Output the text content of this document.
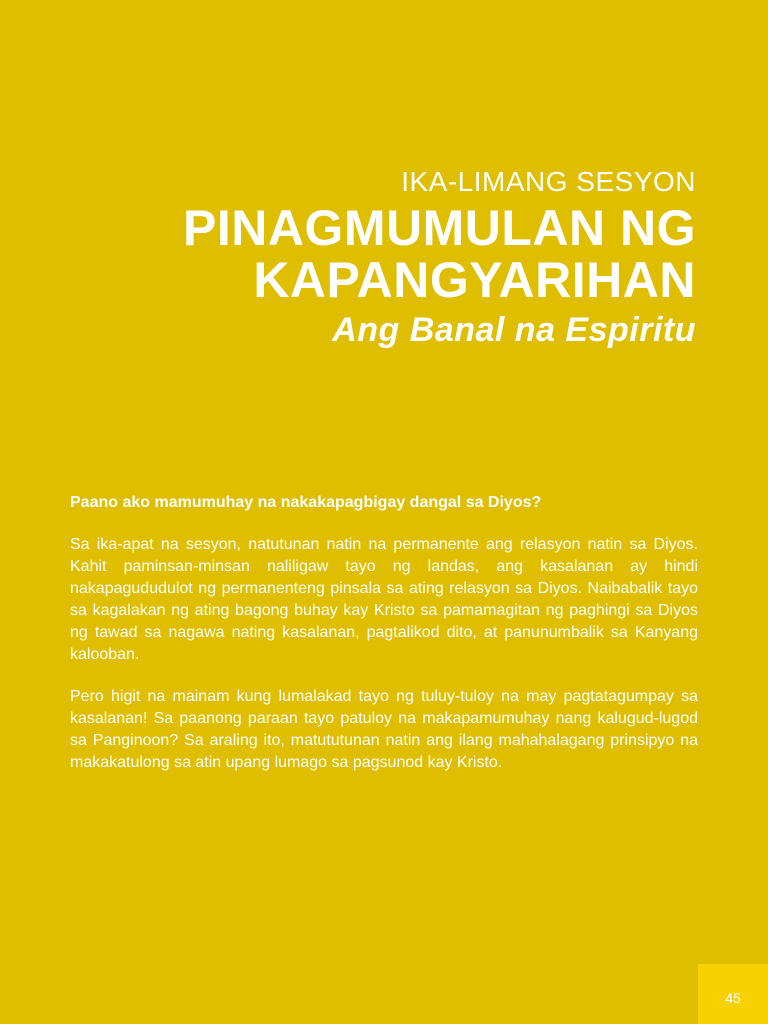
IKA-LIMANG SESYON

PINAGMUMULAN NG
KAPANGYARIHAN

Ang Banal na Espiritu

Paano ako mamumuhay na nakakapagbigay dangal sa Diyos?

Sa ika-apat na sesyon, natutunan natin na permanente ang relasyon natin sa Diyos. Kahit paminsan-minsan naliligaw tayo ng landas, ang kasalanan ay hindi nakapagududulot ng permanenteng pinsala sa ating relasyon sa Diyos. Naibabalik tayo sa kagalakan ng ating bagong buhay kay Kristo sa pamamagitan ng paghingi sa Diyos ng tawad sa nagawa nating kasalanan, pagtalikod dito, at panunumbalik sa Kanyang kalooban.

Pero higit na mainam kung lumalakad tayo ng tuluy-tuloy na may pagtatagumpay sa kasalanan! Sa paanong paraan tayo patuloy na makapamumuhay nang kalugud-lugod sa Panginoon? Sa araling ito, matututunan natin ang ilang mahahalagang prinsipyo na makakatulong sa atin upang lumago sa pagsunod kay Kristo.

45
